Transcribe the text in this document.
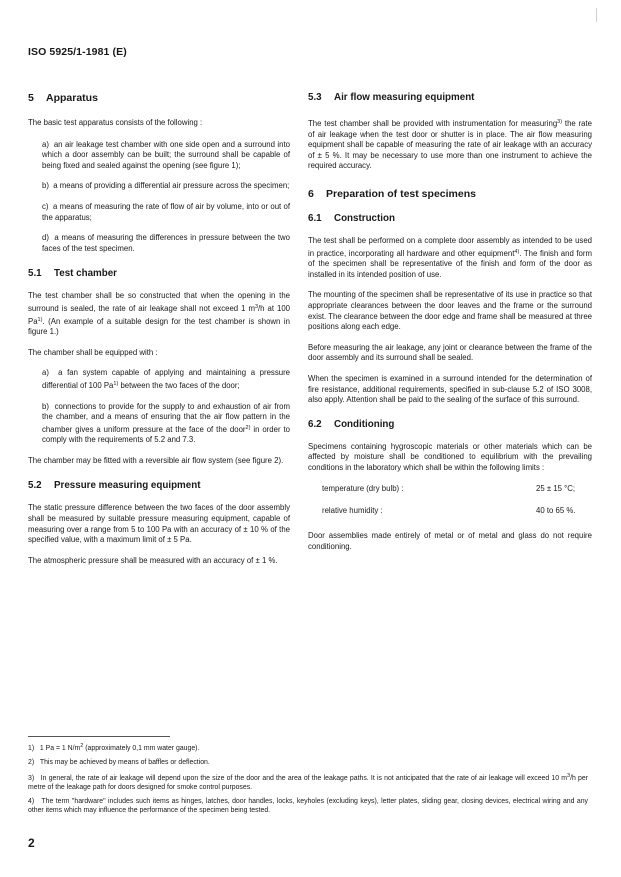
ISO 5925/1-1981 (E)
5 Apparatus

The basic test apparatus consists of the following :

a)  an air leakage test chamber with one side open and a surround into which a door assembly can be built; the surround shall be capable of being fixed and sealed against the opening (see figure 1);

b)  a means of providing a differential air pressure across the specimen;

c)  a means of measuring the rate of flow of air by volume, into or out of the apparatus;

d)  a means of measuring the differences in pressure between the two faces of the test specimen.

5.1 Test chamber

The test chamber shall be so constructed that when the opening in the surround is sealed, the rate of air leakage shall not exceed 1 $m^3/h$ at 100 Pa$^{1)}$. (An example of a suitable design for the test chamber is shown in figure 1.)

The chamber shall be equipped with :

a)  a fan system capable of applying and maintaining a pressure differential of 100 Pa$^{1)}$ between the two faces of the door;

b)  connections to provide for the supply to and exhaustion of air from the chamber, and a means of ensuring that the air flow pattern in the chamber gives a uniform pressure at the face of the door$^{2)}$ in order to comply with the requirements of 5.2 and 7.3.

The chamber may be fitted with a reversible air flow system (see figure 2).

5.2 Pressure measuring equipment

The static pressure difference between the two faces of the door assembly shall be measured by suitable pressure measuring equipment, capable of measuring over a range from 5 to 100 Pa with an accuracy of ± 10 % of the specified value, with a maximum limit of ± 5 Pa.

The atmospheric pressure shall be measured with an accuracy of ± 1 %.

5.3 Air flow measuring equipment

The test chamber shall be provided with instrumentation for measuring$^{3)}$ the rate of air leakage when the test door or shutter is in place. The air flow measuring equipment shall be capable of measuring the rate of air leakage with an accuracy of ± 5 %. It may be necessary to use more than one instrument to achieve the required accuracy.

6 Preparation of test specimens
6.1 Construction

The test shall be performed on a complete door assembly as intended to be used in practice, incorporating all hardware and other equipment$^{4)}$. The finish and form of the specimen shall be representative of the finish and form of the door as installed in its intended position of use.

The mounting of the specimen shall be representative of its use in practice so that appropriate clearances between the door leaves and the frame or the surround exist. The clearance between the door edge and frame shall be measured at three positions along each edge.

Before measuring the air leakage, any joint or clearance between the frame of the door assembly and its surround shall be sealed.

When the specimen is examined in a surround intended for the determination of fire resistance, additional requirements, specified in sub-clause 5.2 of ISO 3008, also apply. Attention shall be paid to the sealing of the surface of this surround.

6.2 Conditioning

Specimens containing hygroscopic materials or other materials which can be affected by moisture shall be conditioned to equilibrium with the prevailing conditions in the laboratory which shall be within the following limits :

temperature (dry bulb) :	25 ± 15 °C;
relative humidity :	40 to 65 %.

Door assemblies made entirely of metal or of metal and glass do not require conditioning.

1)   1 Pa = 1 $N/m^2$ (approximately 0,1 mm water gauge).

2)   This may be achieved by means of baffles or deflection.

3)   In general, the rate of air leakage will depend upon the size of the door and the area of the leakage paths. It is not anticipated that the rate of air leakage will exceed 10 $m^3/h$ per metre of the leakage path for doors designed for smoke control purposes.

4)   The term "hardware" includes such items as hinges, latches, door handles, locks, keyholes (excluding keys), letter plates, sliding gear, closing devices, electrical wiring and any other items which may influence the performance of the specimen being tested.

2
